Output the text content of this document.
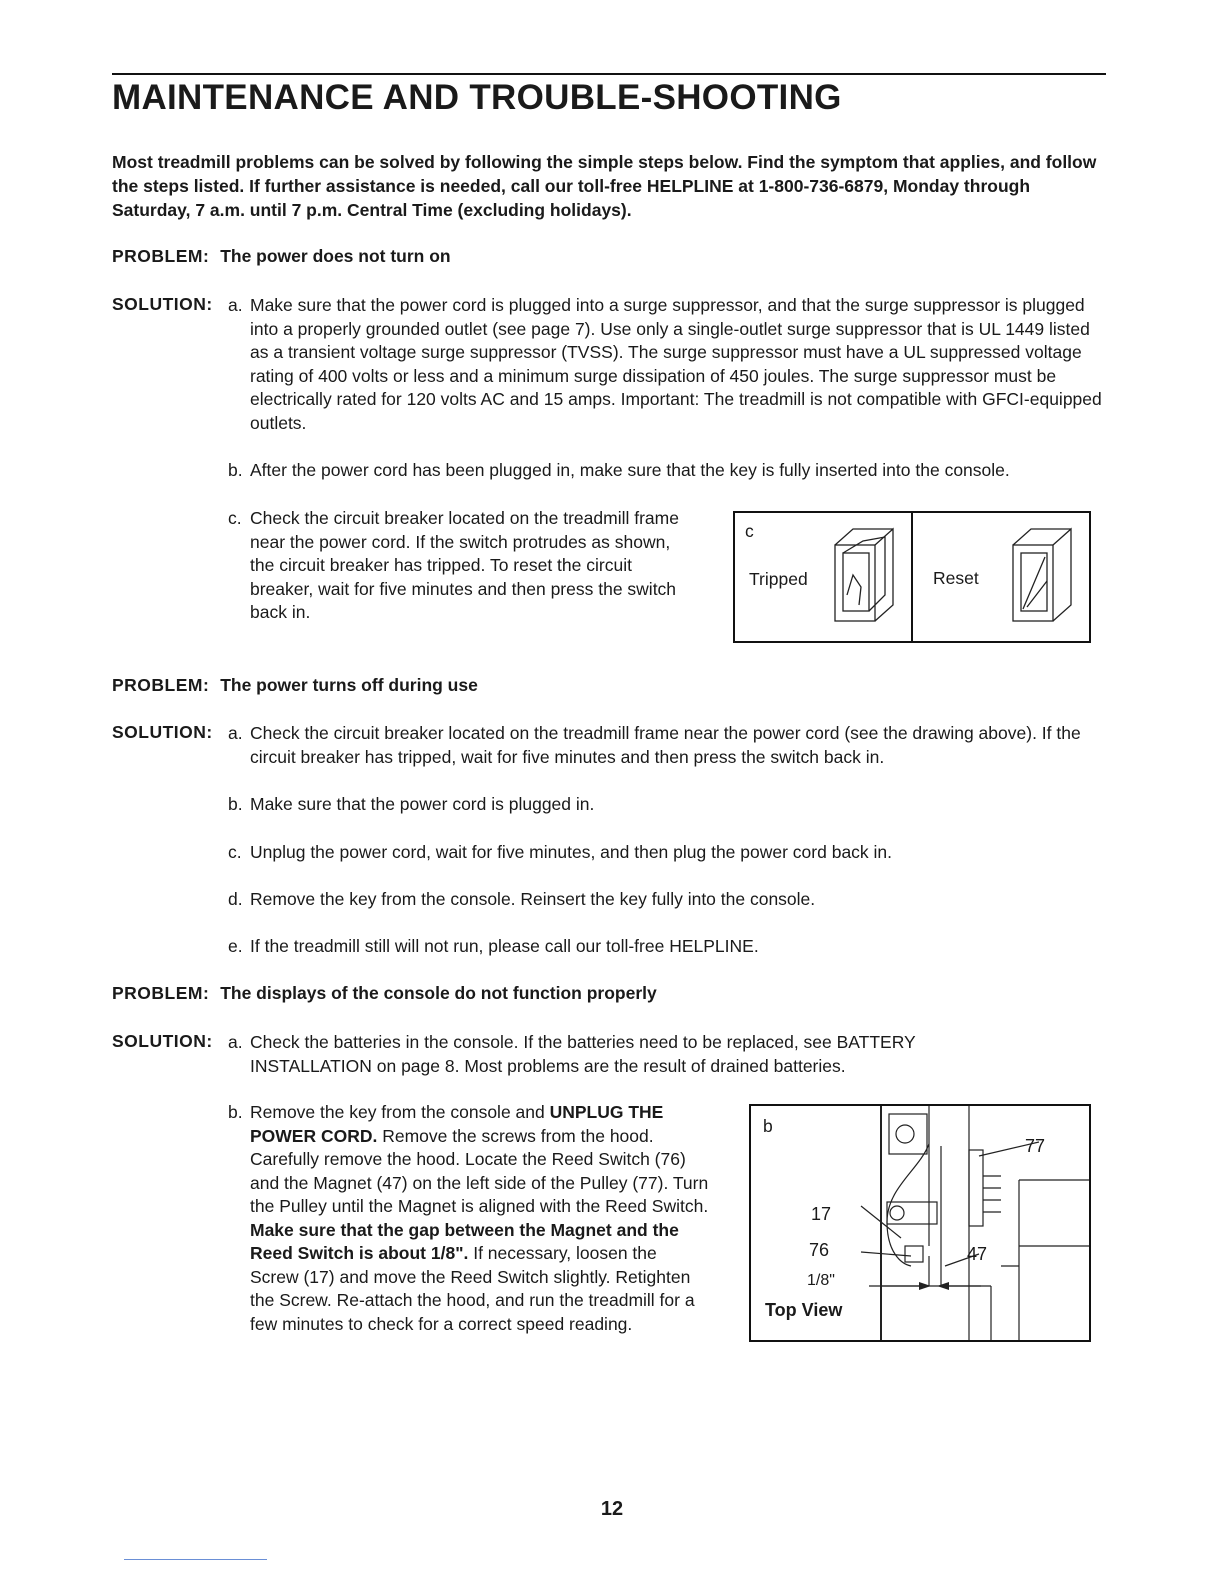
MAINTENANCE AND TROUBLE-SHOOTING

Most treadmill problems can be solved by following the simple steps below. Find the symptom that applies, and follow the steps listed. If further assistance is needed, call our toll-free HELPLINE at 1-800-736-6879, Monday through Saturday, 7 a.m. until 7 p.m. Central Time (excluding holidays).

PROBLEM: The power does not turn on
SOLUTION: a. Make sure that the power cord is plugged into a surge suppressor, and that the surge suppressor is plugged into a properly grounded outlet (see page 7). Use only a single-outlet surge suppressor that is UL 1449 listed as a transient voltage surge suppressor (TVSS). The surge suppressor must have a UL suppressed voltage rating of 400 volts or less and a minimum surge dissipation of 450 joules. The surge suppressor must be electrically rated for 120 volts AC and 15 amps. Important: The treadmill is not compatible with GFCI-equipped outlets.
b. After the power cord has been plugged in, make sure that the key is fully inserted into the console.
c. Check the circuit breaker located on the treadmill frame near the power cord. If the switch protrudes as shown, the circuit breaker has tripped. To reset the circuit breaker, wait for five minutes and then press the switch back in.
c
Tripped	Reset
PROBLEM: The power turns off during use
SOLUTION: a. Check the circuit breaker located on the treadmill frame near the power cord (see the drawing above). If the circuit breaker has tripped, wait for five minutes and then press the switch back in.
b. Make sure that the power cord is plugged in.
c. Unplug the power cord, wait for five minutes, and then plug the power cord back in.
d. Remove the key from the console. Reinsert the key fully into the console.
e. If the treadmill still will not run, please call our toll-free HELPLINE.
PROBLEM: The displays of the console do not function properly
SOLUTION: a. Check the batteries in the console. If the batteries need to be replaced, see BATTERY INSTALLATION on page 8. Most problems are the result of drained batteries.
b. Remove the key from the console and UNPLUG THE POWER CORD. Remove the screws from the hood. Carefully remove the hood. Locate the Reed Switch (76) and the Magnet (47) on the left side of the Pulley (77). Turn the Pulley until the Magnet is aligned with the Reed Switch. Make sure that the gap between the Magnet and the Reed Switch is about 1/8". If necessary, loosen the Screw (17) and move the Reed Switch slightly. Retighten the Screw. Re-attach the hood, and run the treadmill for a few minutes to check for a correct speed reading.
b
77
17
76	47
1/8"
Top View
12
